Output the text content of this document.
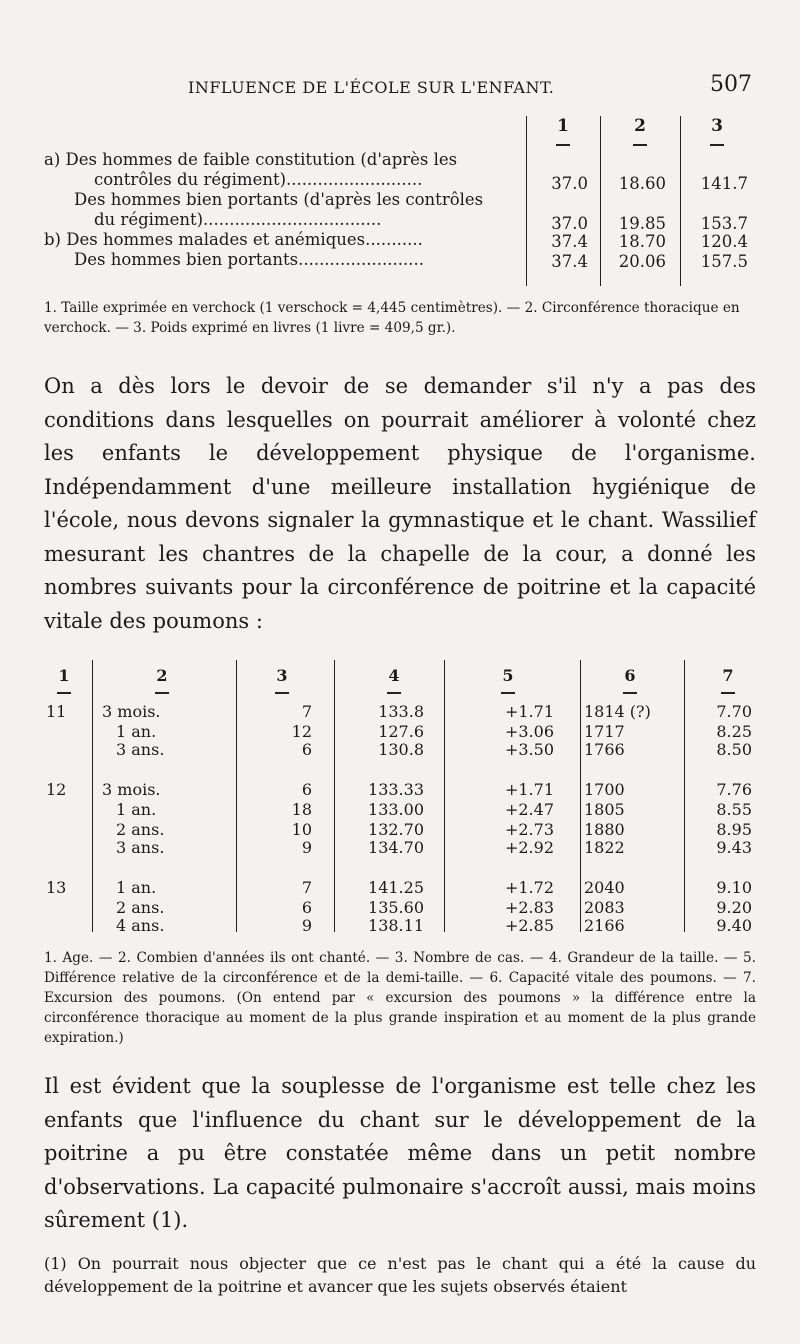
INFLUENCE DE L'ÉCOLE SUR L'ENFANT.	507
1	2	3
a) Des hommes de faible constitution (d'après les
contrôles du régiment)..........................	37.0	18.60	141.7
Des hommes bien portants (d'après les contrôles
du régiment)..................................	37.0	19.85	153.7
b) Des hommes malades et anémiques...........	37.4	18.70	120.4
Des hommes bien portants........................	37.4	20.06	157.5
1. Taille exprimée en verchock (1 verschock = 4,445 centimètres). — 2. Circonférence thoracique en verchock. — 3. Poids exprimé en livres (1 livre = 409,5 gr.).
On a dès lors le devoir de se demander s'il n'y a pas des conditions dans lesquelles on pourrait améliorer à volonté chez les enfants le développement physique de l'organisme. Indépendamment d'une meilleure installation hygiénique de l'école, nous devons signaler la gymnastique et le chant. Wassilief mesurant les chantres de la chapelle de la cour, a donné les nombres suivants pour la circonférence de poitrine et la capacité vitale des poumons :
1	2	3	4	5	6	7
11	3 mois.	7	133.8	+1.71 1814 (?)	7.70
1 an.	12	127.6	+3.06 1717	8.25
3 ans.	6	130.8	+3.50 1766	8.50
12	3 mois.	6	133.33	+1.71 1700	7.76
1 an.	18	133.00	+2.47 1805	8.55
2 ans.	10	132.70	+2.73 1880	8.95
3 ans.	9	134.70	+2.92 1822	9.43
13	1 an.	7	141.25	+1.72 2040	9.10
2 ans.	6	135.60	+2.83 2083	9.20
4 ans.	9	138.11	+2.85 2166	9.40
1. Age. — 2. Combien d'années ils ont chanté. — 3. Nombre de cas. — 4. Grandeur de la taille. — 5. Différence relative de la circonférence et de la demi-taille. — 6. Capacité vitale des poumons. — 7. Excursion des poumons. (On entend par « excursion des poumons » la différence entre la circonférence thoracique au moment de la plus grande inspiration et au moment de la plus grande expiration.)
Il est évident que la souplesse de l'organisme est telle chez les enfants que l'influence du chant sur le développement de la poitrine a pu être constatée même dans un petit nombre d'observations. La capacité pulmonaire s'accroît aussi, mais moins sûrement (1).
(1) On pourrait nous objecter que ce n'est pas le chant qui a été la cause du développement de la poitrine et avancer que les sujets observés étaient
